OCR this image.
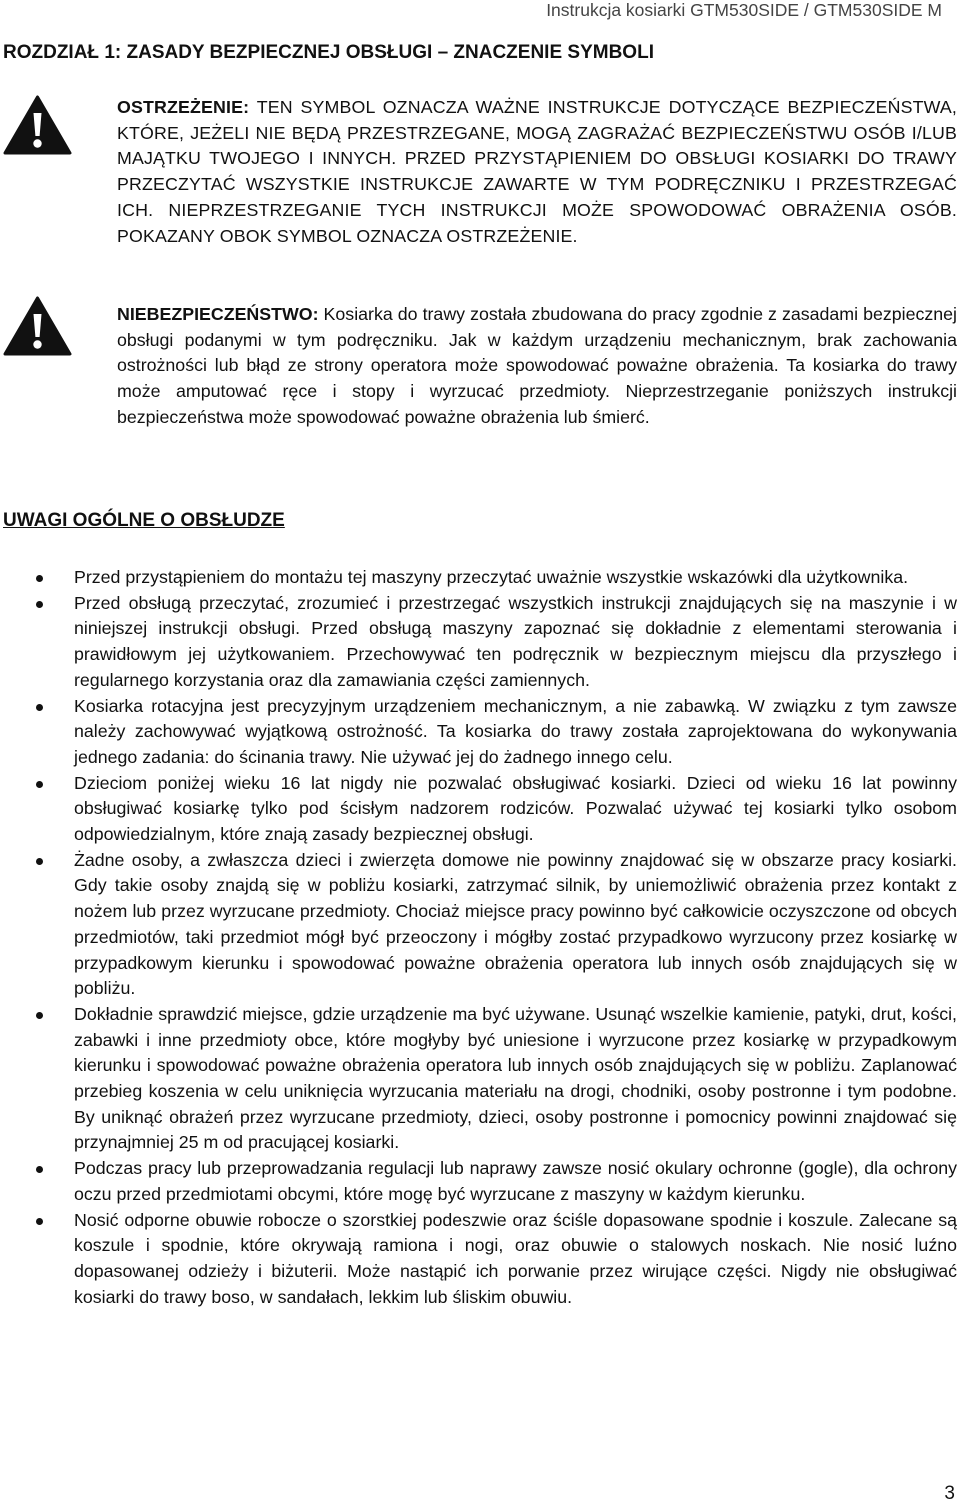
Instrukcja kosiarki GTM530SIDE / GTM530SIDE M
ROZDZIAŁ 1: ZASADY BEZPIECZNEJ OBSŁUGI – ZNACZENIE SYMBOLI
OSTRZEŻENIE: TEN SYMBOL OZNACZA WAŻNE INSTRUKCJE DOTYCZĄCE BEZPIECZEŃSTWA, KTÓRE, JEŻELI NIE BĘDĄ PRZESTRZEGANE, MOGĄ ZAGRAŻAĆ BEZPIECZEŃSTWU OSÓB I/LUB MAJĄTKU TWOJEGO I INNYCH. PRZED PRZYSTĄPIENIEM DO OBSŁUGI KOSIARKI DO TRAWY PRZECZYTAĆ WSZYSTKIE INSTRUKCJE ZAWARTE W TYM PODRĘCZNIKU I PRZESTRZEGAĆ ICH. NIEPRZESTRZEGANIE TYCH INSTRUKCJI MOŻE SPOWODOWAĆ OBRAŻENIA OSÓB. POKAZANY OBOK SYMBOL OZNACZA OSTRZEŻENIE.
NIEBEZPIECZEŃSTWO: Kosiarka do trawy została zbudowana do pracy zgodnie z zasadami bezpiecznej obsługi podanymi w tym podręczniku. Jak w każdym urządzeniu mechanicznym, brak zachowania ostrożności lub błąd ze strony operatora może spowodować poważne obrażenia. Ta kosiarka do trawy może amputować ręce i stopy i wyrzucać przedmioty. Nieprzestrzeganie poniższych instrukcji bezpieczeństwa może spowodować poważne obrażenia lub śmierć.
UWAGI OGÓLNE O OBSŁUDZE
Przed przystąpieniem do montażu tej maszyny przeczytać uważnie wszystkie wskazówki dla użytkownika.
Przed obsługą przeczytać, zrozumieć i przestrzegać wszystkich instrukcji znajdujących się na maszynie i w niniejszej instrukcji obsługi. Przed obsługą maszyny zapoznać się dokładnie z elementami sterowania i prawidłowym jej użytkowaniem. Przechowywać ten podręcznik w bezpiecznym miejscu dla przyszłego i regularnego korzystania oraz dla zamawiania części zamiennych.
Kosiarka rotacyjna jest precyzyjnym urządzeniem mechanicznym, a nie zabawką. W związku z tym zawsze należy zachowywać wyjątkową ostrożność. Ta kosiarka do trawy została zaprojektowana do wykonywania jednego zadania: do ścinania trawy. Nie używać jej do żadnego innego celu.
Dzieciom poniżej wieku 16 lat nigdy nie pozwalać obsługiwać kosiarki. Dzieci od wieku 16 lat powinny obsługiwać kosiarkę tylko pod ścisłym nadzorem rodziców. Pozwalać używać tej kosiarki tylko osobom odpowiedzialnym, które znają zasady bezpiecznej obsługi.
Żadne osoby, a zwłaszcza dzieci i zwierzęta domowe nie powinny znajdować się w obszarze pracy kosiarki. Gdy takie osoby znajdą się w pobliżu kosiarki, zatrzymać silnik, by uniemożliwić obrażenia przez kontakt z nożem lub przez wyrzucane przedmioty. Chociaż miejsce pracy powinno być całkowicie oczyszczone od obcych przedmiotów, taki przedmiot mógł być przeoczony i mógłby zostać przypadkowo wyrzucony przez kosiarkę w przypadkowym kierunku i spowodować poważne obrażenia operatora lub innych osób znajdujących się w pobliżu.
Dokładnie sprawdzić miejsce, gdzie urządzenie ma być używane. Usunąć wszelkie kamienie, patyki, drut, kości, zabawki i inne przedmioty obce, które mogłyby być uniesione i wyrzucone przez kosiarkę w przypadkowym kierunku i spowodować poważne obrażenia operatora lub innych osób znajdujących się w pobliżu. Zaplanować przebieg koszenia w celu uniknięcia wyrzucania materiału na drogi, chodniki, osoby postronne i tym podobne. By uniknąć obrażeń przez wyrzucane przedmioty, dzieci, osoby postronne i pomocnicy powinni znajdować się przynajmniej 25 m od pracującej kosiarki.
Podczas pracy lub przeprowadzania regulacji lub naprawy zawsze nosić okulary ochronne (gogle), dla ochrony oczu przed przedmiotami obcymi, które mogę być wyrzucane z maszyny w każdym kierunku.
Nosić odporne obuwie robocze o szorstkiej podeszwie oraz ściśle dopasowane spodnie i koszule. Zalecane są koszule i spodnie, które okrywają ramiona i nogi, oraz obuwie o stalowych noskach. Nie nosić luźno dopasowanej odzieży i biżuterii. Może nastąpić ich porwanie przez wirujące części. Nigdy nie obsługiwać kosiarki do trawy boso, w sandałach, lekkim lub śliskim obuwiu.
3
